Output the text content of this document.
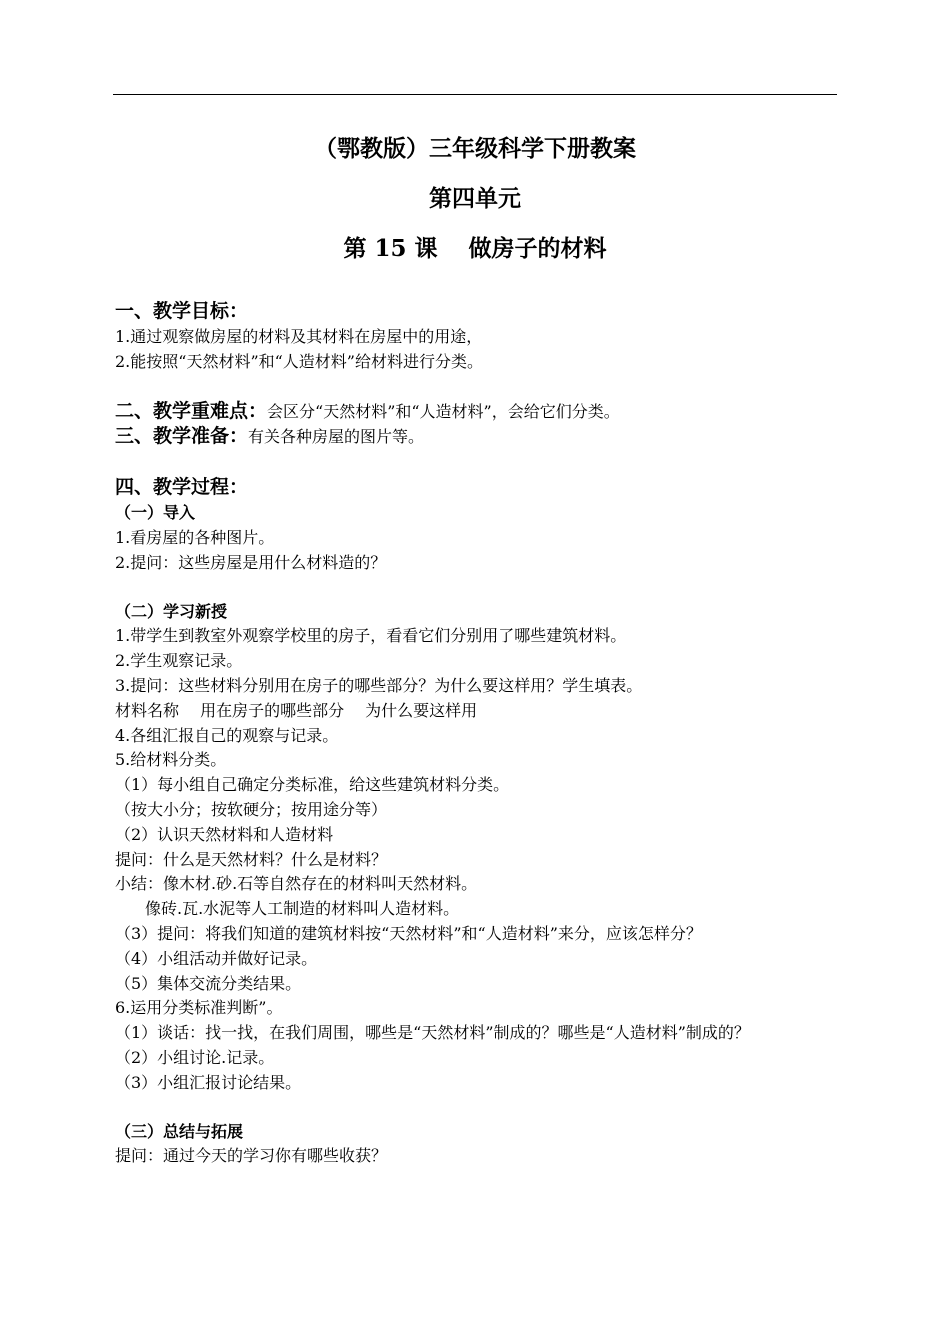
（鄂教版）三年级科学下册教案
第四单元
第 15 课　 做房子的材料
一、教学目标：
1.通过观察做房屋的材料及其材料在房屋中的用途，
2.能按照“天然材料”和“人造材料”给材料进行分类。
二、教学重难点：会区分“天然材料”和“人造材料”，会给它们分类。
三、教学准备：有关各种房屋的图片等。
四、教学过程：
（一）导入
1.看房屋的各种图片。
2.提问：这些房屋是用什么材料造的？
（二）学习新授
1.带学生到教室外观察学校里的房子，看看它们分别用了哪些建筑材料。
2.学生观察记录。
3.提问：这些材料分别用在房子的哪些部分？为什么要这样用？学生填表。
材料名称　 用在房子的哪些部分　 为什么要这样用
4.各组汇报自己的观察与记录。
5.给材料分类。
（1）每小组自己确定分类标准，给这些建筑材料分类。
（按大小分；按软硬分；按用途分等）
（2）认识天然材料和人造材料
提问：什么是天然材料？什么是材料？
小结：像木材.砂.石等自然存在的材料叫天然材料。
像砖.瓦.水泥等人工制造的材料叫人造材料。
（3）提问：将我们知道的建筑材料按“天然材料”和“人造材料”来分，应该怎样分？
（4）小组活动并做好记录。
（5）集体交流分类结果。
6.运用分类标准判断”。
（1）谈话：找一找，在我们周围，哪些是“天然材料”制成的？哪些是“人造材料”制成的？
（2）小组讨论.记录。
（3）小组汇报讨论结果。
（三）总结与拓展
提问：通过今天的学习你有哪些收获？
